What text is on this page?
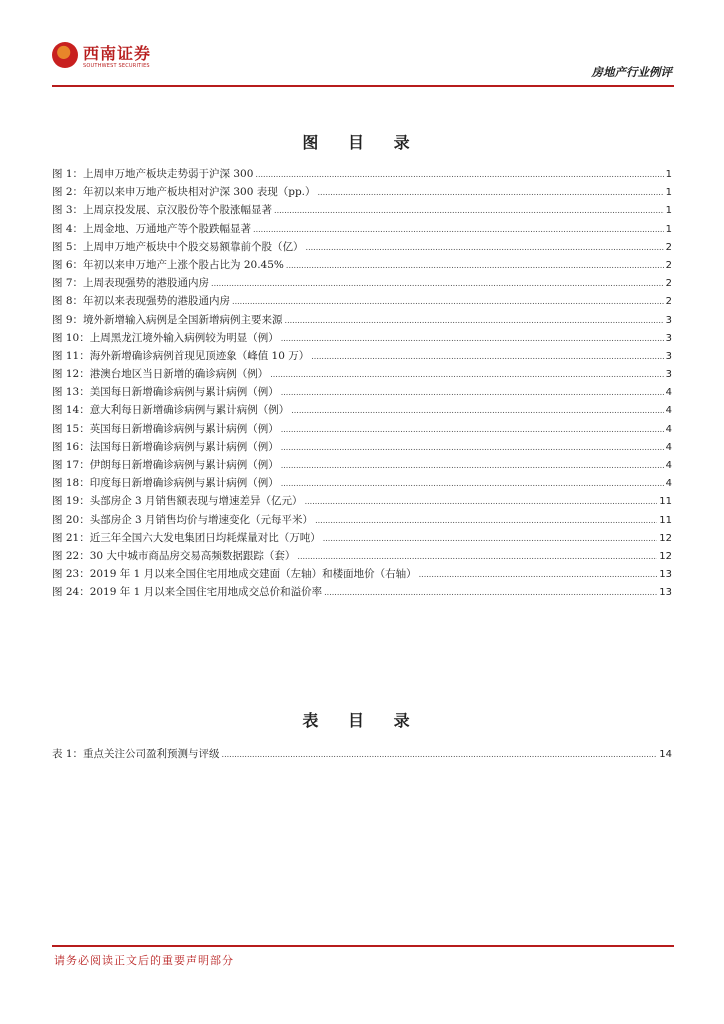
西南证券
SOUTHWEST SECURITIES	房地产行业例评
图 目 录
图 1：上周申万地产板块走势弱于沪深 300 .....	1
图 2：年初以来申万地产板块相对沪深 300 表现（pp.） .....	1
图 3：上周京投发展、京汉股份等个股涨幅显著 .....	1
图 4：上周金地、万通地产等个股跌幅显著 .....	1
图 5：上周申万地产板块中个股交易额靠前个股（亿） .....	2
图 6：年初以来申万地产上涨个股占比为 20.45% .....	2
图 7：上周表现强势的港股通内房 .....	2
图 8：年初以来表现强势的港股通内房 .....	2
图 9：境外新增输入病例是全国新增病例主要来源 .....	3
图 10：上周黑龙江境外输入病例较为明显（例） .....	3
图 11：海外新增确诊病例首现见顶迹象（峰值 10 万） .....	3
图 12：港澳台地区当日新增的确诊病例（例） .....	3
图 13：美国每日新增确诊病例与累计病例（例） .....	4
图 14：意大利每日新增确诊病例与累计病例（例） .....	4
图 15：英国每日新增确诊病例与累计病例（例） .....	4
图 16：法国每日新增确诊病例与累计病例（例） .....	4
图 17：伊朗每日新增确诊病例与累计病例（例） .....	4
图 18：印度每日新增确诊病例与累计病例（例） .....	4
图 19：头部房企 3 月销售额表现与增速差异（亿元） .....	11
图 20：头部房企 3 月销售均价与增速变化（元每平米） .....	11
图 21：近三年全国六大发电集团日均耗煤量对比（万吨） .....	12
图 22：30 大中城市商品房交易高频数据跟踪（套） .....	12
图 23：2019 年 1 月以来全国住宅用地成交建面（左轴）和楼面地价（右轴） .....	13
图 24：2019 年 1 月以来全国住宅用地成交总价和溢价率 .....	13
表 目 录
表 1：重点关注公司盈利预测与评级 .....	14
请务必阅读正文后的重要声明部分
